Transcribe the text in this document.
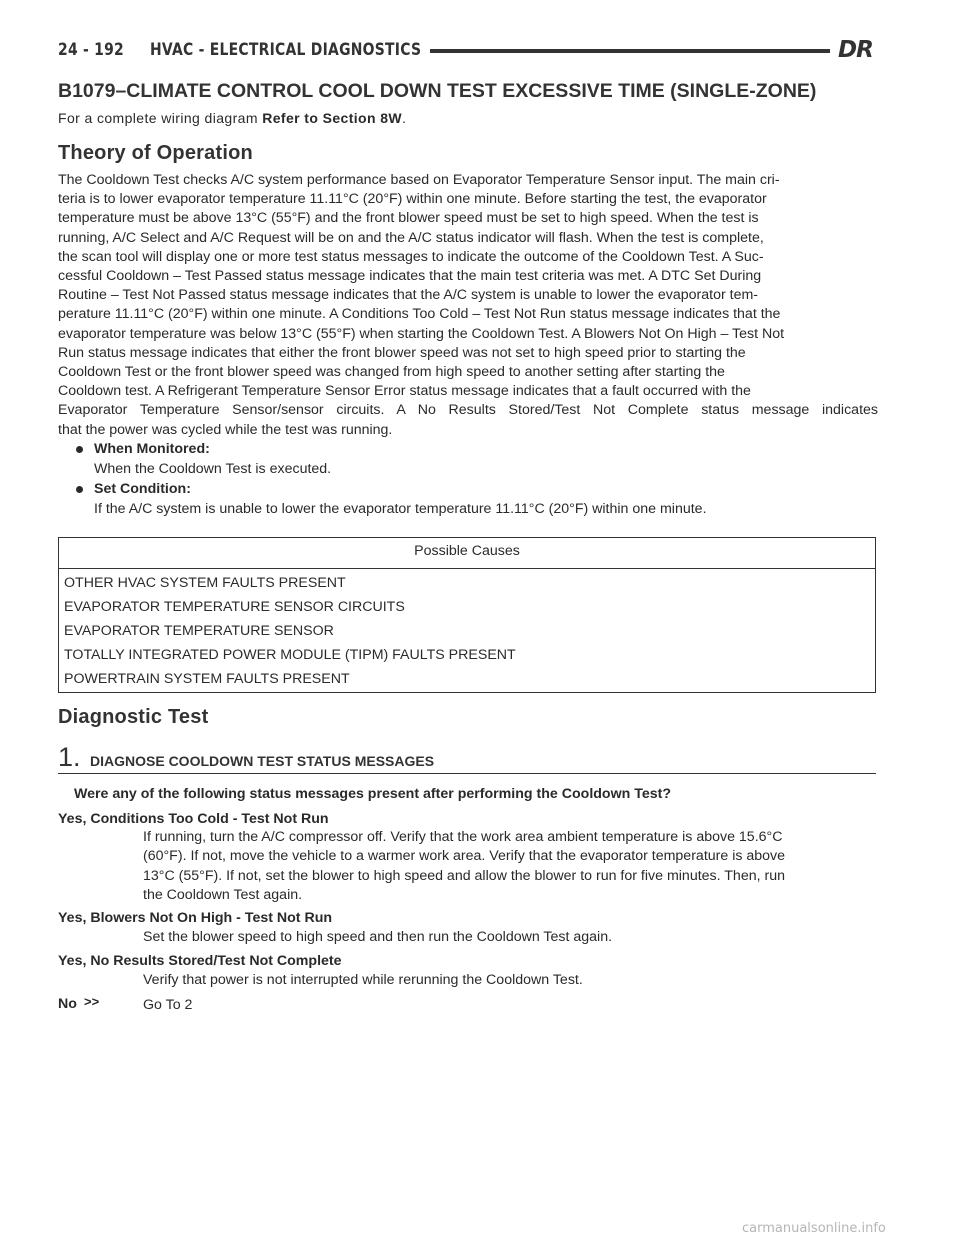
24 - 192 HVAC - ELECTRICAL DIAGNOSTICS	DR
B1079–CLIMATE CONTROL COOL DOWN TEST EXCESSIVE TIME (SINGLE-ZONE)
For a complete wiring diagram Refer to Section 8W.
Theory of Operation
The Cooldown Test checks A/C system performance based on Evaporator Temperature Sensor input. The main cri-
teria is to lower evaporator temperature 11.11°C (20°F) within one minute. Before starting the test, the evaporator
temperature must be above 13°C (55°F) and the front blower speed must be set to high speed. When the test is
running, A/C Select and A/C Request will be on and the A/C status indicator will flash. When the test is complete,
the scan tool will display one or more test status messages to indicate the outcome of the Cooldown Test. A Suc-
cessful Cooldown – Test Passed status message indicates that the main test criteria was met. A DTC Set During
Routine – Test Not Passed status message indicates that the A/C system is unable to lower the evaporator tem-
perature 11.11°C (20°F) within one minute. A Conditions Too Cold – Test Not Run status message indicates that the
evaporator temperature was below 13°C (55°F) when starting the Cooldown Test. A Blowers Not On High – Test Not
Run status message indicates that either the front blower speed was not set to high speed prior to starting the
Cooldown Test or the front blower speed was changed from high speed to another setting after starting the
Cooldown test. A Refrigerant Temperature Sensor Error status message indicates that a fault occurred with the
Evaporator Temperature Sensor/sensor circuits. A No Results Stored/Test Not Complete status message indicates
that the power was cycled while the test was running.
When Monitored:
When the Cooldown Test is executed.
Set Condition:
If the A/C system is unable to lower the evaporator temperature 11.11°C (20°F) within one minute.
Possible Causes
OTHER HVAC SYSTEM FAULTS PRESENT
EVAPORATOR TEMPERATURE SENSOR CIRCUITS
EVAPORATOR TEMPERATURE SENSOR
TOTALLY INTEGRATED POWER MODULE (TIPM) FAULTS PRESENT
POWERTRAIN SYSTEM FAULTS PRESENT
Diagnostic Test
1. DIAGNOSE COOLDOWN TEST STATUS MESSAGES
Were any of the following status messages present after performing the Cooldown Test?
Yes, Conditions Too Cold - Test Not Run
If running, turn the A/C compressor off. Verify that the work area ambient temperature is above 15.6°C
(60°F). If not, move the vehicle to a warmer work area. Verify that the evaporator temperature is above
13°C (55°F). If not, set the blower to high speed and allow the blower to run for five minutes. Then, run
the Cooldown Test again.
Yes, Blowers Not On High - Test Not Run
Set the blower speed to high speed and then run the Cooldown Test again.
Yes, No Results Stored/Test Not Complete
Verify that power is not interrupted while rerunning the Cooldown Test.
No >>	Go To 2
carmanualsonline.info
